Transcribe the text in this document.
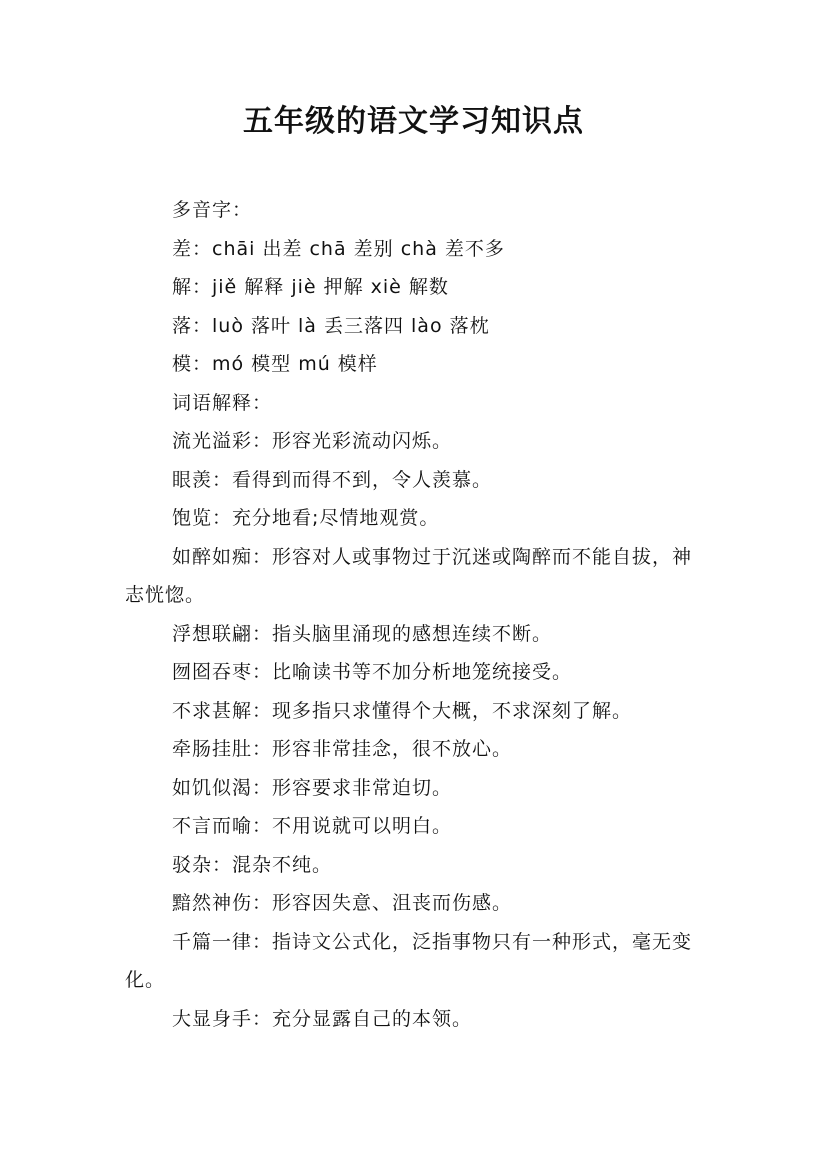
五年级的语文学习知识点

多音字：

差：chāi 出差 chā 差别 chà 差不多

解：jiě 解释 jiè 押解 xiè 解数

落：luò 落叶 là 丢三落四 lào 落枕

模：mó 模型 mú 模样

词语解释：

流光溢彩：形容光彩流动闪烁。

眼羡：看得到而得不到，令人羡慕。

饱览：充分地看;尽情地观赏。

如醉如痴：形容对人或事物过于沉迷或陶醉而不能自拔，神志恍惚。

浮想联翩：指头脑里涌现的感想连续不断。

囫囵吞枣：比喻读书等不加分析地笼统接受。

不求甚解：现多指只求懂得个大概，不求深刻了解。

牵肠挂肚：形容非常挂念，很不放心。

如饥似渴：形容要求非常迫切。

不言而喻：不用说就可以明白。

驳杂：混杂不纯。

黯然神伤：形容因失意、沮丧而伤感。

千篇一律：指诗文公式化，泛指事物只有一种形式，毫无变化。

大显身手：充分显露自己的本领。
